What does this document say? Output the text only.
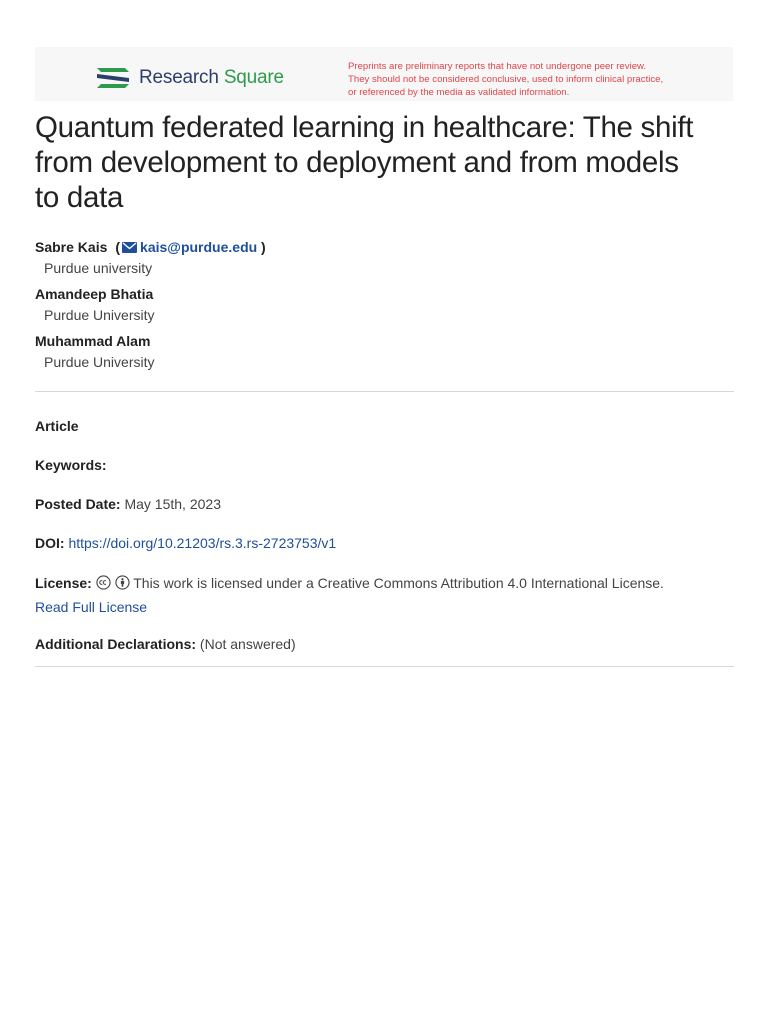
Research Square
Preprints are preliminary reports that have not undergone peer review.
They should not be considered conclusive, used to inform clinical practice,
or referenced by the media as validated information.
Quantum federated learning in healthcare: The shift
from development to deployment and from models
to data
Sabre Kais ( kais@purdue.edu )
Purdue university
Amandeep Bhatia
Purdue University
Muhammad Alam
Purdue University
Article
Keywords:
Posted Date: May 15th, 2023
DOI: https://doi.org/10.21203/rs.3.rs-2723753/v1
License:	This work is licensed under a Creative Commons Attribution 4.0 International License.
Read Full License
Additional Declarations: (Not answered)
